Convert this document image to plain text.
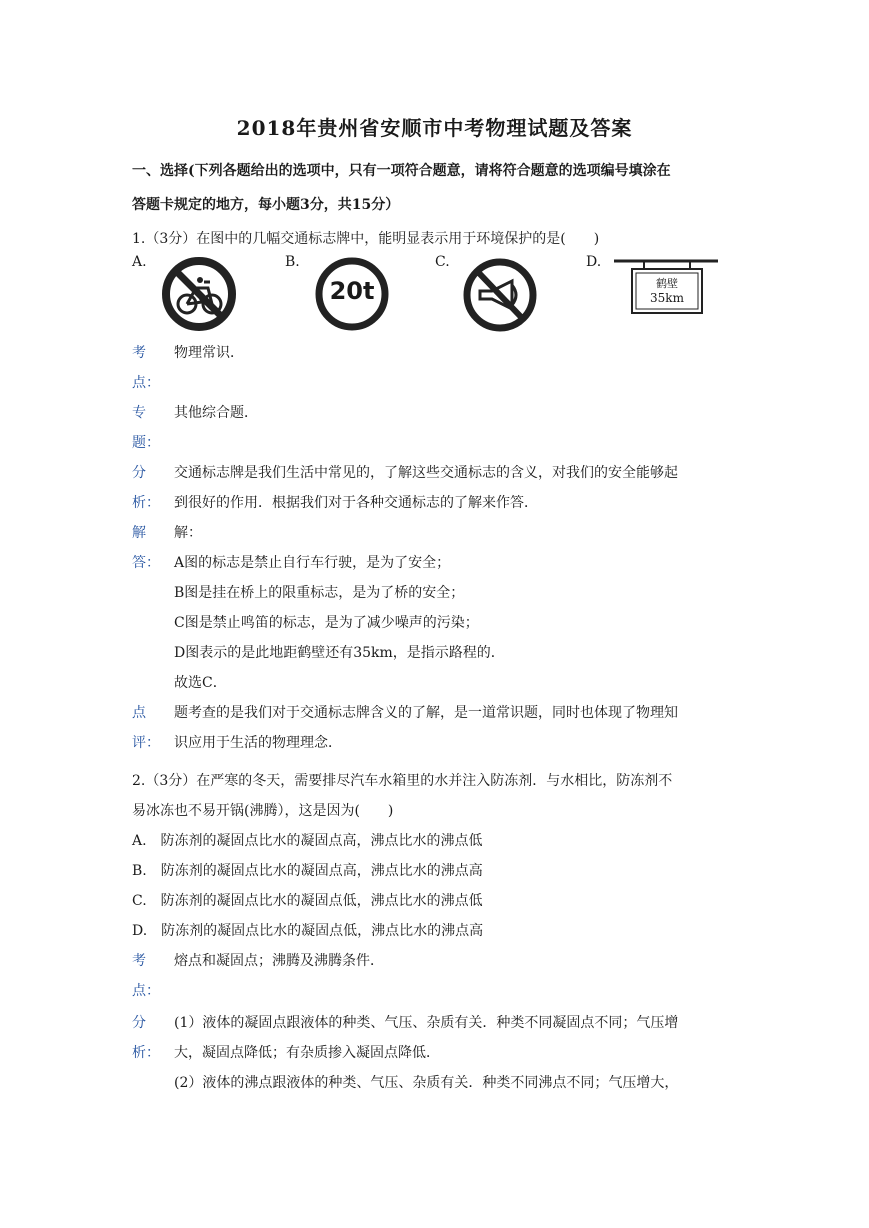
2018年贵州省安顺市中考物理试题及答案
一、选择(下列各题给出的选项中，只有一项符合题意，请将符合题意的选项编号填涂在
答题卡规定的地方，每小题3分，共15分）
1.（3分）在图中的几幅交通标志牌中，能明显表示用于环境保护的是(　　)
A.	B.	C.	D.
20t	鹤壁
35km
考 物理常识．
点：
专 其他综合题．
题：
分 交通标志牌是我们生活中常见的，了解这些交通标志的含义，对我们的安全能够起
析： 到很好的作用．根据我们对于各种交通标志的了解来作答．
解 解：
答： A图的标志是禁止自行车行驶，是为了安全；
B图是挂在桥上的限重标志，是为了桥的安全；
C图是禁止鸣笛的标志，是为了减少噪声的污染；
D图表示的是此地距鹤壁还有35km，是指示路程的．
故选C．
点 题考查的是我们对于交通标志牌含义的了解，是一道常识题，同时也体现了物理知
评： 识应用于生活的物理理念．
2.（3分）在严寒的冬天，需要排尽汽车水箱里的水并注入防冻剂．与水相比，防冻剂不
易冰冻也不易开锅(沸腾），这是因为(　　)
A.　防冻剂的凝固点比水的凝固点高，沸点比水的沸点低
B.　防冻剂的凝固点比水的凝固点高，沸点比水的沸点高
C.　防冻剂的凝固点比水的凝固点低，沸点比水的沸点低
D.　防冻剂的凝固点比水的凝固点低，沸点比水的沸点高
考 熔点和凝固点；沸腾及沸腾条件．
点：
分 (1）液体的凝固点跟液体的种类、气压、杂质有关．种类不同凝固点不同；气压增
析： 大，凝固点降低；有杂质掺入凝固点降低．
(2）液体的沸点跟液体的种类、气压、杂质有关．种类不同沸点不同；气压增大，
